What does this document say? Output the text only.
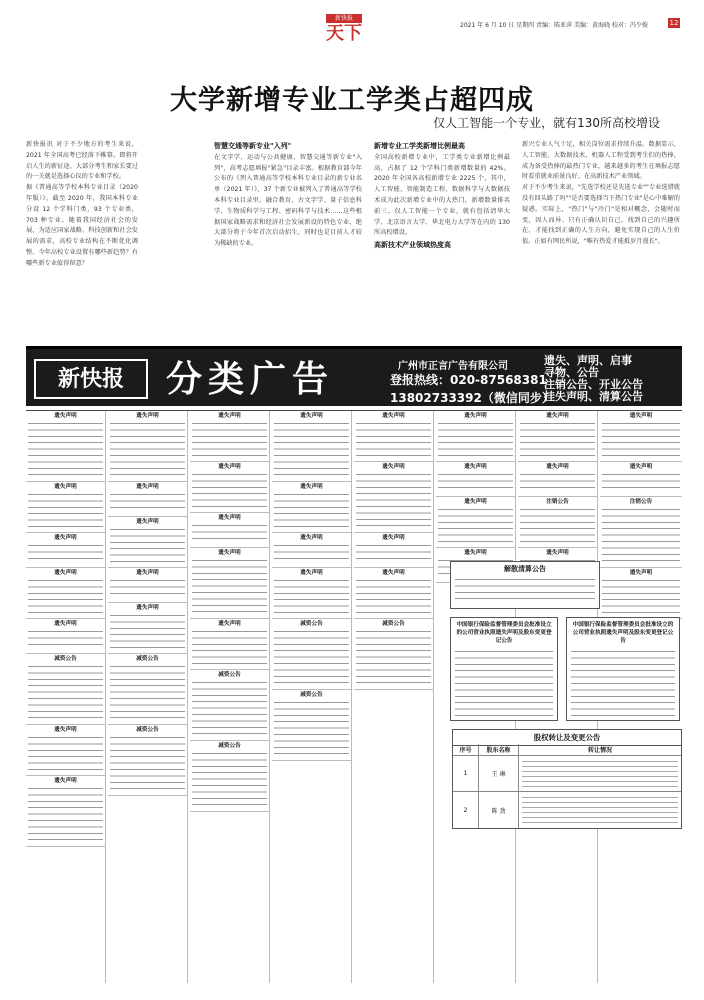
新快报
天下	2021 年 6 月 10 日 星期四 责编：陈亚萍 美编：黄海晓 校对：冯少俊	12
大学新增专业工学类占超四成
仅人工智能一个专业，就有130所高校增设

新快报讯 对于不少地方的考生来说，2021 年全国高考已经落下帷幕，即将开启人生的新征途。大部分考生和家长要过的一关就是选择心仪的专业和学校。

据《普通高等学校本科专业目录（2020 年版）》，截至 2020 年，我国本科专业分设 12 个学科门类，93 个专业类，703 种专业。随着我国经济社会的发展，为适应国家战略、科技创新和社会发展的需求，高校专业结构在不断优化调整。今年高校专业设置有哪些新趋势？有哪些新专业值得留意？

智慧交通等新专业"入列"

在文字学、运动与公共健康、智慧交通等新专业"入列"，高考志愿填报"紧急"目录丰富。根据教育部今年公布的《列入普通高等学校本科专业目录的新专业名单（2021 年）》，37 个新专业被列入了普通高等学校本科专业目录里。融合教育、古文字学、量子信息科学、生物质科学与工程、密码科学与技术……这些根据国家战略需求和经济社会发展新设的特色专业，绝大部分将于今年首次启动招生，同时也是目前人才较为稀缺的专业。

新增专业工学类新增比例最高

全国高校新增专业中，工学类专业新增比例最高，占据了 12 个学科门类新增数量的 42%。2020 年全国各高校新增专业 2225 个，其中，人工智能、智能制造工程、数据科学与大数据技术成为此次新增专业中的大热门，新增数量排名前三。仅人工智能一个专业，就有包括清华大学、北京语言大学、华北电力大学等在内的 130 所高校增设。

高新技术产业领域热度高

新兴专业人气十足，相关岗位需求持续升温。数据显示，人工智能、大数据技术、机器人工程受到考生们的热捧，成为备受热捧的最热门专业，越来越多的考生在填报志愿时看重就业前景良好、在高新技术产业领域。

对于不少考生来说，"先选学校还是先选专业""专业选错就没有回头路了吗""是否要选择当下热门专业"是心中难解的疑惑。实际上，"热门"与"冷门"是相对概念，会随时而变，因人而异。只有正确认识自己，找到自己的兴趣所在，才能找到正确的人生方向，避免实现自己的人生价值。正如有网民所说，"唯有热爱才能抵岁月漫长"。

新快报	分类广告	广州市正言广告有限公司
登报热线：020-87568381
13802733392（微信同步）
遗失、声明、启事
寻物、公告
注销公告、开业公告
挂失声明、清算公告
遗失声明
遗失声明
遗失声明
遗失声明
遗失声明
减资公告
遗失声明
遗失声明
遗失声明
遗失声明
遗失声明
遗失声明
遗失声明
减资公告
减资公告
遗失声明
遗失声明
遗失声明
遗失声明
遗失声明
减资公告
减资公告
遗失声明
遗失声明
遗失声明
遗失声明
减资公告
减资公告
遗失声明
遗失声明
遗失声明
遗失声明
减资公告
遗失声明
遗失声明
遗失声明
遗失声明
遗失声明
遗失声明
注销公告
遗失声明
遗失声明
遗失声明
注销公告
遗失声明
解散清算公告
中国银行保险监督管理委员会批准设立的公司营业执照遗失声明及股东变更登记公告
中国银行保险监督管理委员会批准设立的公司营业执照遗失声明及股东变更登记公告
股权转让及变更公告
序号	股东名称	转让情况
1	王 琳
2	陈 劲
